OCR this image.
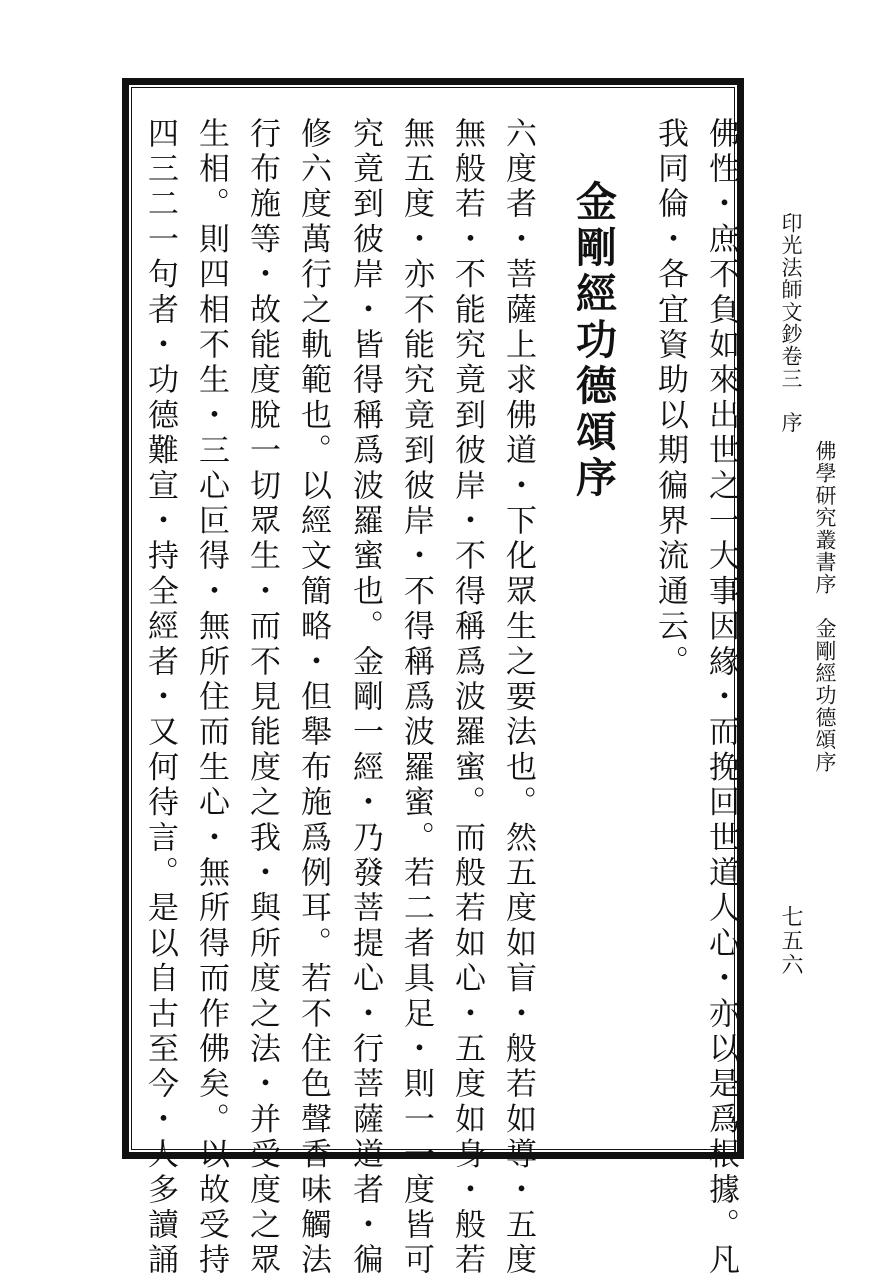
印光法師文鈔卷三序
佛學研究叢書序　金剛經功德頌序
七五六
佛性・庶不負如來出世之一大事因緣・而挽回世道人心・亦以是爲根據。凡
我同倫・各宜資助以期徧界流通云。
金剛經功德頌序
六度者・菩薩上求佛道・下化眾生之要法也。然五度如盲・般若如導・五度
無般若・不能究竟到彼岸・不得稱爲波羅蜜。而般若如心・五度如身・般若
無五度・亦不能究竟到彼岸・不得稱爲波羅蜜。若二者具足・則一一度皆可
究竟到彼岸・皆得稱爲波羅蜜也。金剛一經・乃發菩提心・行菩薩道者・徧
修六度萬行之軌範也。以經文簡略・但舉布施爲例耳。若不住色聲香味觸法
行布施等・故能度脫一切眾生・而不見能度之我・與所度之法・并受度之眾
生相。則四相不生・三心叵得・無所住而生心・無所得而作佛矣。以故受持
四三二一句者・功德難宣・持全經者・又何待言。是以自古至今・人多讀誦
